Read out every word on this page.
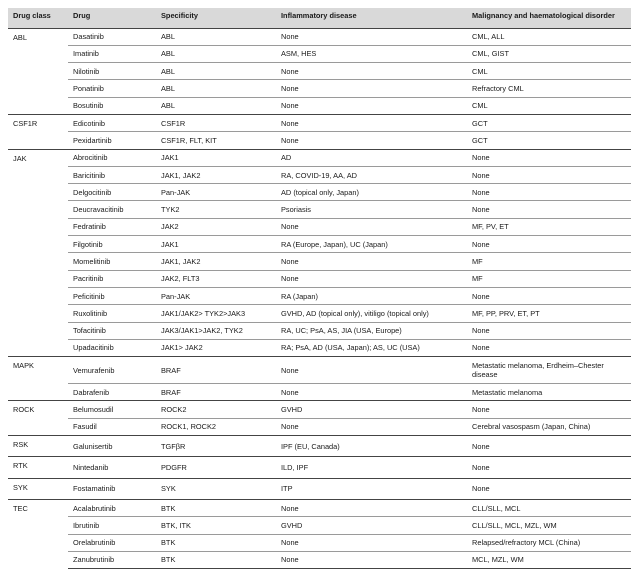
Drug class	Drug	Specificity	Inflammatory disease	Malignancy and haematological disorder
ABL	Dasatinib	ABL	None	CML, ALL
	Imatinib	ABL	ASM, HES	CML, GIST
	Nilotinib	ABL	None	CML
	Ponatinib	ABL	None	Refractory CML
	Bosutinib	ABL	None	CML
CSF1R	Edicotinib	CSF1R	None	GCT
	Pexidartinib	CSF1R, FLT, KIT	None	GCT
JAK	Abrocitinib	JAK1	AD	None
	Baricitinib	JAK1, JAK2	RA, COVID-19, AA, AD	None
	Delgocitinib	Pan-JAK	AD (topical only, Japan)	None
	Deucravacitinib	TYK2	Psoriasis	None
	Fedratinib	JAK2	None	MF, PV, ET
	Filgotinib	JAK1	RA (Europe, Japan), UC (Japan)	None
	Momelitinib	JAK1, JAK2	None	MF
	Pacritinib	JAK2, FLT3	None	MF
	Peficitinib	Pan-JAK	RA (Japan)	None
	Ruxolitinib	JAK1/JAK2> TYK2>JAK3	GVHD, AD (topical only), vitiligo (topical only)	MF, PP, PRV, ET, PT
	Tofacitinib	JAK3/JAK1>JAK2, TYK2	RA, UC; PsA, AS, JIA (USA, Europe)	None
	Upadacitinib	JAK1> JAK2	RA; PsA, AD (USA, Japan); AS, UC (USA)	None
MAPK	Vemurafenib	BRAF	None	Metastatic melanoma, Erdheim–Chester disease
	Dabrafenib	BRAF	None	Metastatic melanoma
ROCK	Belumosudil	ROCK2	GVHD	None
	Fasudil	ROCK1, ROCK2	None	Cerebral vasospasm (Japan, China)
RSK	Galunisertib	TGFβR	IPF (EU, Canada)	None
RTK	Nintedanib	PDGFR	ILD, IPF	None
SYK	Fostamatinib	SYK	ITP	None
TEC	Acalabrutinib	BTK	None	CLL/SLL, MCL
	Ibrutinib	BTK, ITK	GVHD	CLL/SLL, MCL, MZL, WM
	Orelabrutinib	BTK	None	Relapsed/refractory MCL (China)
	Zanubrutinib	BTK	None	MCL, MZL, WM
